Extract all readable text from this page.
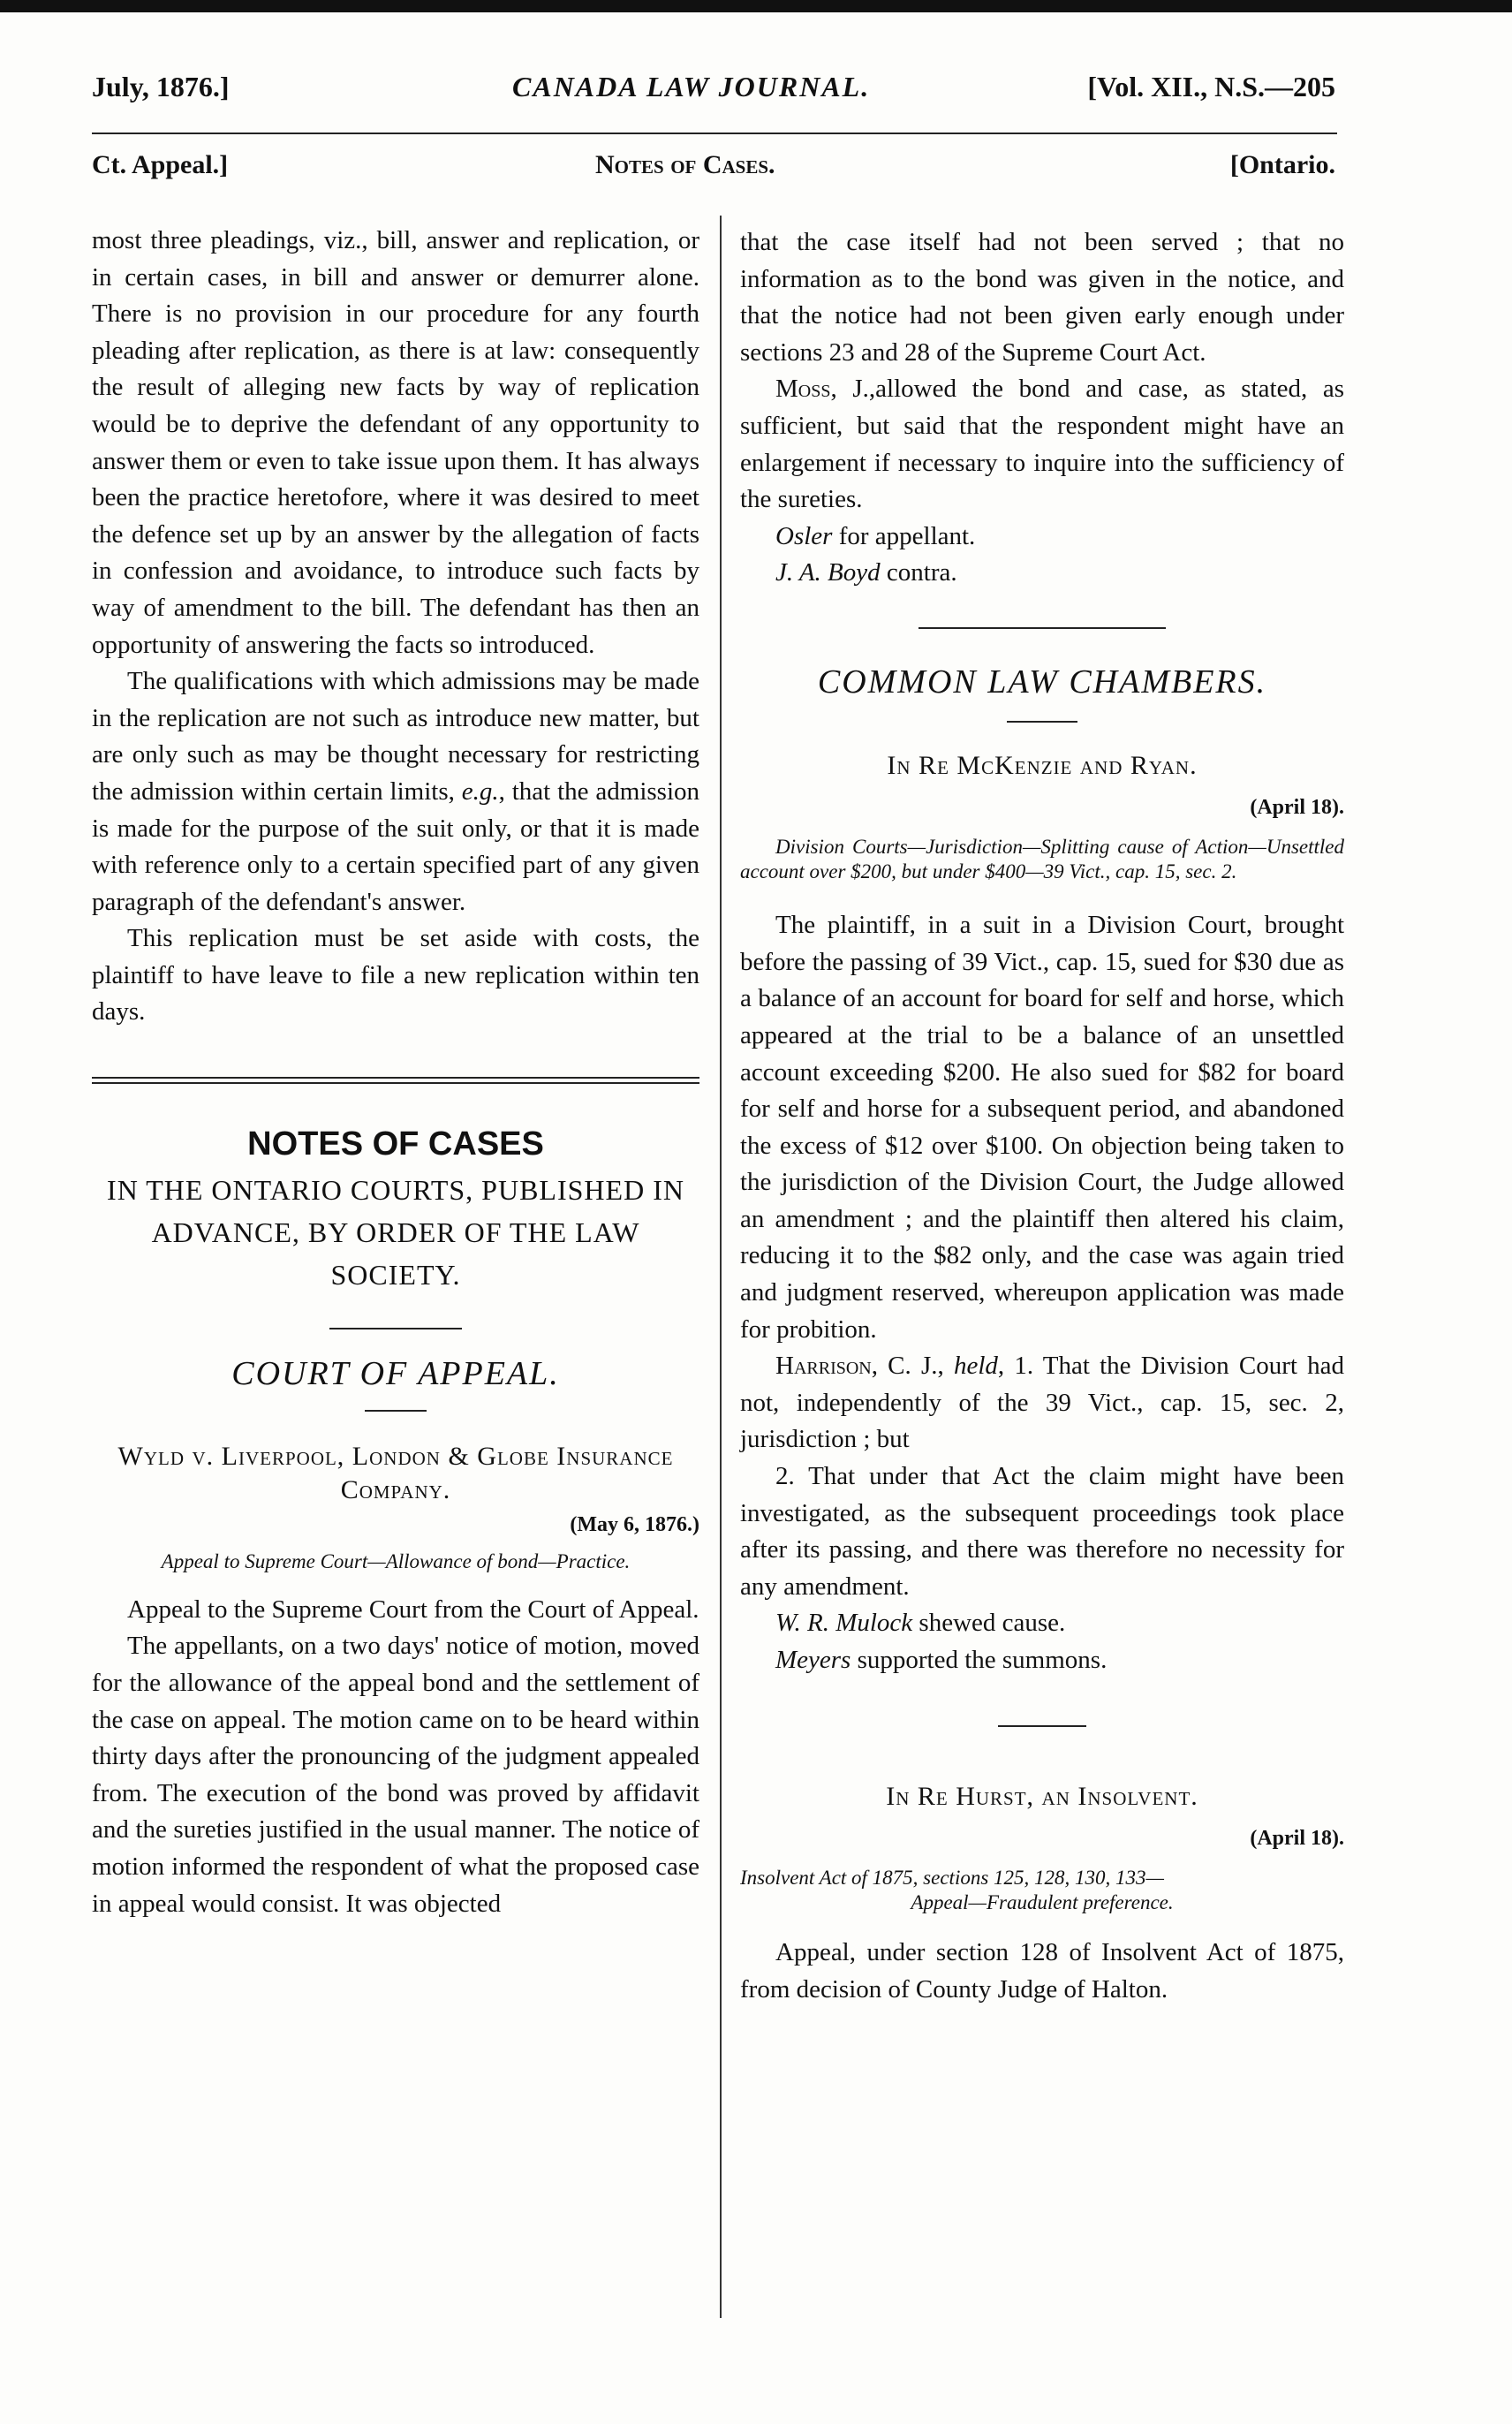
July, 1876.]	CANADA LAW JOURNAL.	[Vol. XII., N.S.—205
Ct. Appeal.]	Notes of Cases.	[Ontario.

most three pleadings, viz., bill, answer and replication, or in certain cases, in bill and answer or demurrer alone. There is no provision in our procedure for any fourth pleading after replication, as there is at law: consequently the result of alleging new facts by way of replication would be to deprive the defendant of any opportunity to answer them or even to take issue upon them. It has always been the practice heretofore, where it was desired to meet the defence set up by an answer by the allegation of facts in confession and avoidance, to introduce such facts by way of amendment to the bill. The defendant has then an opportunity of answering the facts so introduced.

The qualifications with which admissions may be made in the replication are not such as introduce new matter, but are only such as may be thought necessary for restricting the admission within certain limits, e.g., that the admission is made for the purpose of the suit only, or that it is made with reference only to a certain specified part of any given paragraph of the defendant's answer.

This replication must be set aside with costs, the plaintiff to have leave to file a new replication within ten days.

NOTES OF CASES
IN THE ONTARIO COURTS, PUBLISHED IN ADVANCE, BY ORDER OF THE LAW SOCIETY.
COURT OF APPEAL.
Wyld v. Liverpool, London & Globe Insurance Company.
(May 6, 1876.)
Appeal to Supreme Court—Allowance of bond—Practice.

Appeal to the Supreme Court from the Court of Appeal.

The appellants, on a two days' notice of motion, moved for the allowance of the appeal bond and the settlement of the case on appeal. The motion came on to be heard within thirty days after the pronouncing of the judgment appealed from. The execution of the bond was proved by affidavit and the sureties justified in the usual manner. The notice of motion informed the respondent of what the proposed case in appeal would consist. It was objected

that the case itself had not been served ; that no information as to the bond was given in the notice, and that the notice had not been given early enough under sections 23 and 28 of the Supreme Court Act.

Moss, J.,allowed the bond and case, as stated, as sufficient, but said that the respondent might have an enlargement if necessary to inquire into the sufficiency of the sureties.

Osler for appellant.

J. A. Boyd contra.

COMMON LAW CHAMBERS.
In Re McKenzie and Ryan.
(April 18).
Division Courts—Jurisdiction—Splitting cause of Action—Unsettled account over $200, but under $400—39 Vict., cap. 15, sec. 2.

The plaintiff, in a suit in a Division Court, brought before the passing of 39 Vict., cap. 15, sued for $30 due as a balance of an account for board for self and horse, which appeared at the trial to be a balance of an unsettled account exceeding $200. He also sued for $82 for board for self and horse for a subsequent period, and abandoned the excess of $12 over $100. On objection being taken to the jurisdiction of the Division Court, the Judge allowed an amendment ; and the plaintiff then altered his claim, reducing it to the $82 only, and the case was again tried and judgment reserved, whereupon application was made for probition.

Harrison, C. J., held, 1. That the Division Court had not, independently of the 39 Vict., cap. 15, sec. 2, jurisdiction ; but

2. That under that Act the claim might have been investigated, as the subsequent proceedings took place after its passing, and there was therefore no necessity for any amendment.

W. R. Mulock shewed cause.

Meyers supported the summons.

In Re Hurst, an Insolvent.
(April 18).
Insolvent Act of 1875, sections 125, 128, 130, 133—

Appeal—Fraudulent preference.

Appeal, under section 128 of Insolvent Act of 1875, from decision of County Judge of Halton.
